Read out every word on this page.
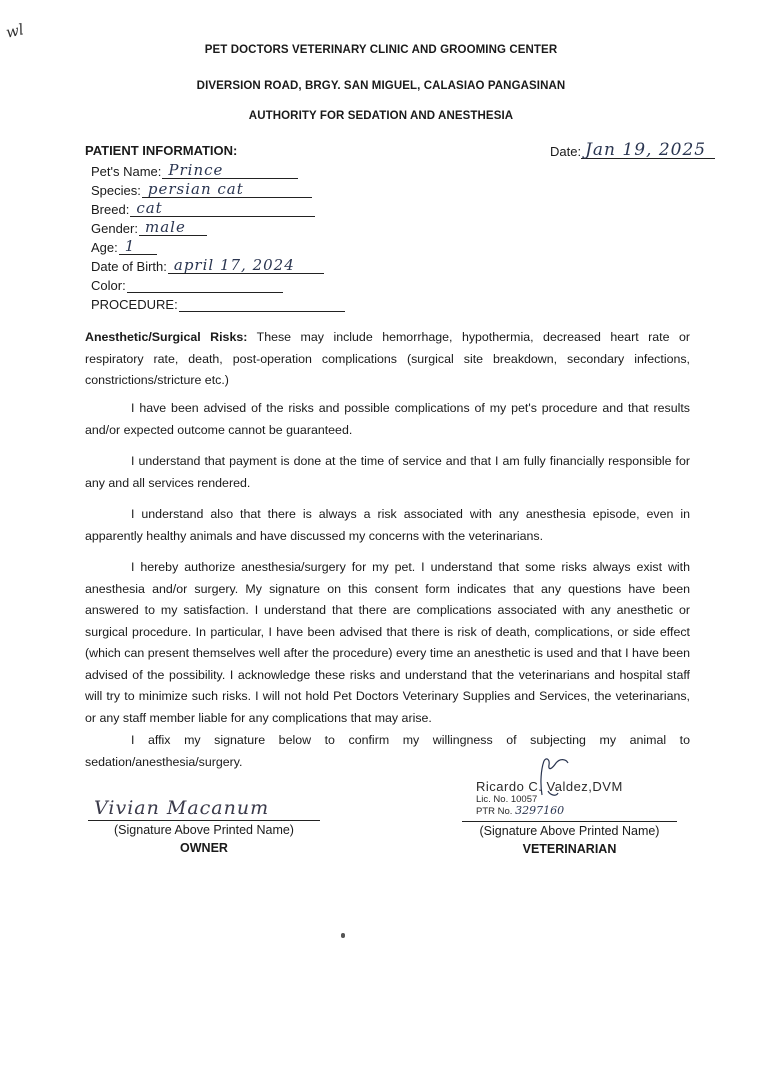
wl
PET DOCTORS VETERINARY CLINIC AND GROOMING CENTER
DIVERSION ROAD, BRGY. SAN MIGUEL, CALASIAO PANGASINAN
AUTHORITY FOR SEDATION AND ANESTHESIA
PATIENT INFORMATION:	Date: Jan 19, 2025
Pet's Name: Prince
Species: persian cat
Breed: cat
Gender: male
Age: 1
Date of Birth: april 17, 2024
Color:

PROCEDURE:

Anesthetic/Surgical Risks: These may include hemorrhage, hypothermia, decreased heart rate or respiratory rate, death, post-operation complications (surgical site breakdown, secondary infections, constrictions/stricture etc.)

I have been advised of the risks and possible complications of my pet's procedure and that results and/or expected outcome cannot be guaranteed.

I understand that payment is done at the time of service and that I am fully financially responsible for any and all services rendered.

I understand also that there is always a risk associated with any anesthesia episode, even in apparently healthy animals and have discussed my concerns with the veterinarians.

I hereby authorize anesthesia/surgery for my pet. I understand that some risks always exist with anesthesia and/or surgery. My signature on this consent form indicates that any questions have been answered to my satisfaction. I understand that there are complications associated with any anesthetic or surgical procedure. In particular, I have been advised that there is risk of death, complications, or side effect (which can present themselves well after the procedure) every time an anesthetic is used and that I have been advised of the possibility. I acknowledge these risks and understand that the veterinarians and hospital staff will try to minimize such risks. I will not hold Pet Doctors Veterinary Supplies and Services, the veterinarians, or any staff member liable for any complications that may arise.

I affix my signature below to confirm my willingness of subjecting my animal to sedation/anesthesia/surgery.

Vivian Macanum
(Signature Above Printed Name)
OWNER
Ricardo C. Valdez,DVM
Lic. No. 10057
PTR No. 3297160
(Signature Above Printed Name)
VETERINARIAN
